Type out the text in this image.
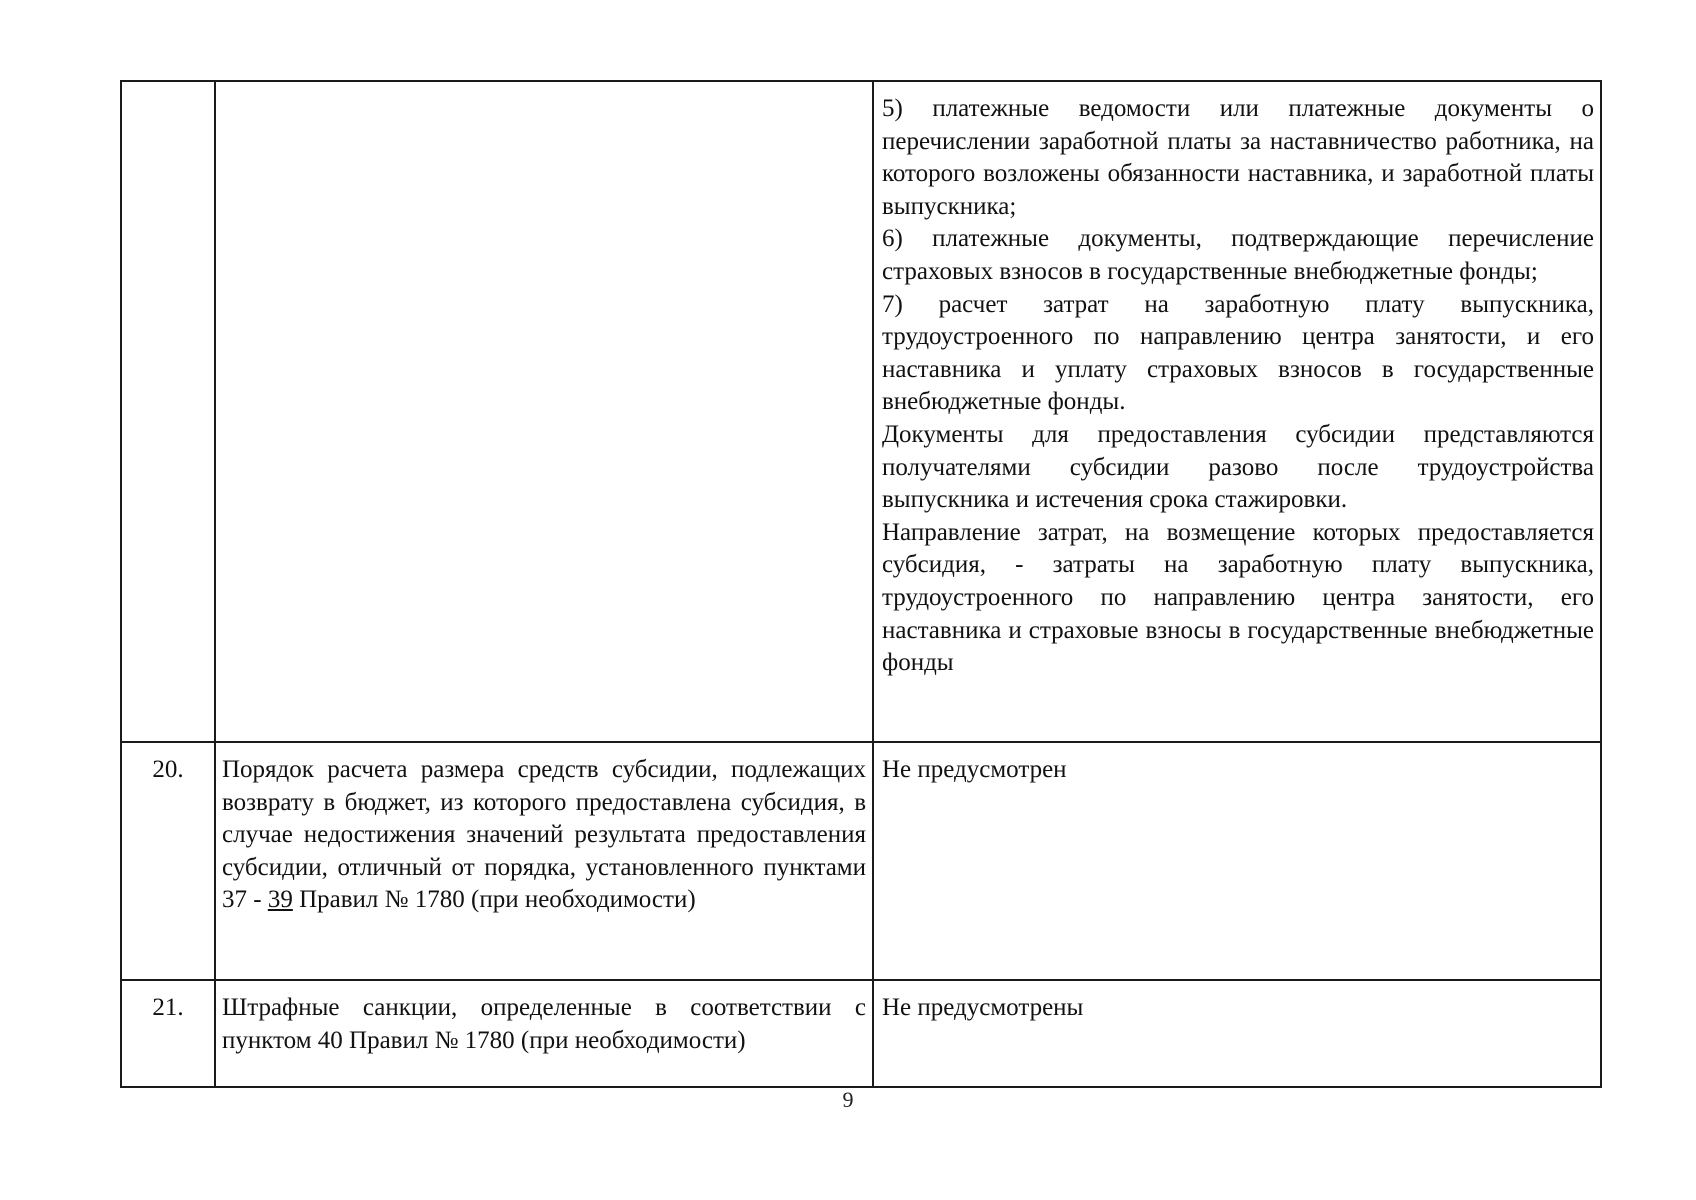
		5) платежные ведомости или платежные документы о перечислении заработной платы за наставничество работника, на которого возложены обязанности наставника, и заработной платы выпускника;

6) платежные документы, подтверждающие перечисление страховых взносов в государственные внебюджетные фонды;

7) расчет затрат на заработную плату выпускника, трудоустроенного по направлению центра занятости, и его наставника и уплату страховых взносов в государственные внебюджетные фонды.

Документы для предоставления субсидии представляются получателями субсидии разово после трудоустройства выпускника и истечения срока стажировки.

Направление затрат, на возмещение которых предоставляется субсидия, - затраты на заработную плату выпускника, трудоустроенного по направлению центра занятости, его наставника и страховые взносы в государственные внебюджетные фонды

20.	Порядок расчета размера средств субсидии, подлежащих возврату в бюджет, из которого предоставлена субсидия, в случае недостижения значений результата предоставления субсидии, отличный от порядка, установленного пунктами 37 - 39 Правил № 1780 (при необходимости)	Не предусмотрен
21.	Штрафные санкции, определенные в соответствии с пунктом 40 Правил № 1780 (при необходимости)	Не предусмотрены
9
